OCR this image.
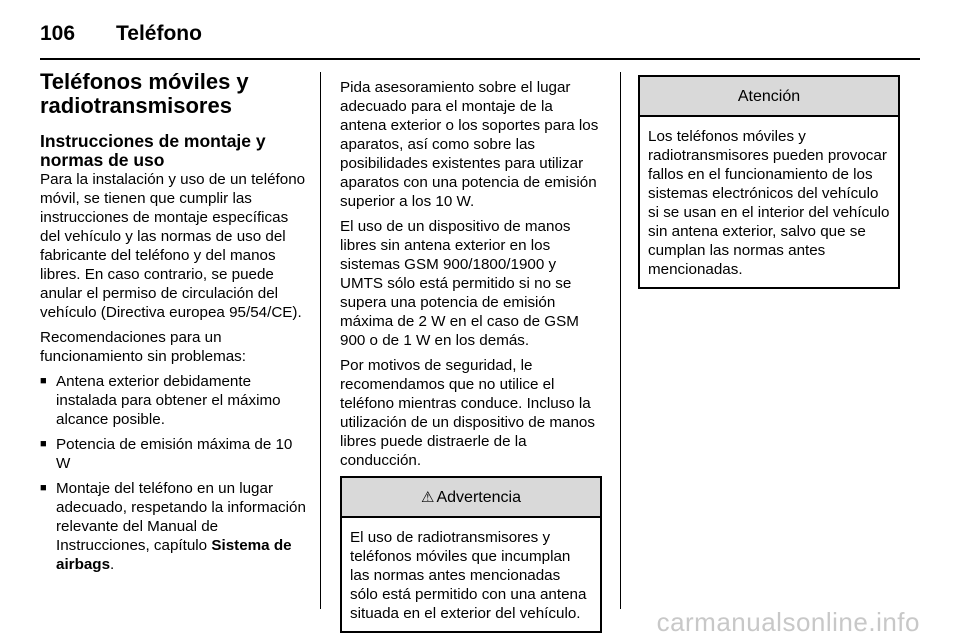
106	Teléfono
Teléfonos móviles y radiotransmisores
Instrucciones de montaje y normas de uso

Para la instalación y uso de un teléfono móvil, se tienen que cumplir las instrucciones de montaje específicas del vehículo y las normas de uso del fabricante del teléfono y del manos libres. En caso contrario, se puede anular el permiso de circulación del vehículo (Directiva europea 95/54/CE).

Recomendaciones para un funcionamiento sin problemas:

■ Antena exterior debidamente instalada para obtener el máximo alcance posible.
■ Potencia de emisión máxima de 10 W
■ Montaje del teléfono en un lugar adecuado, respetando la información relevante del Manual de Instrucciones, capítulo Sistema de airbags.

Pida asesoramiento sobre el lugar adecuado para el montaje de la antena exterior o los soportes para los aparatos, así como sobre las posibilidades existentes para utilizar aparatos con una potencia de emisión superior a los 10 W.

El uso de un dispositivo de manos libres sin antena exterior en los sistemas GSM 900/1800/1900 y UMTS sólo está permitido si no se supera una potencia de emisión máxima de 2 W en el caso de GSM 900 o de 1 W en los demás.

Por motivos de seguridad, le recomendamos que no utilice el teléfono mientras conduce. Incluso la utilización de un dispositivo de manos libres puede distraerle de la conducción.

⚠ Advertencia
El uso de radiotransmisores y teléfonos móviles que incumplan las normas antes mencionadas sólo está permitido con una antena situada en el exterior del vehículo.
Atención
Los teléfonos móviles y radiotransmisores pueden provocar fallos en el funcionamiento de los sistemas electrónicos del vehículo si se usan en el interior del vehículo sin antena exterior, salvo que se cumplan las normas antes mencionadas.
carmanualsonline.info
